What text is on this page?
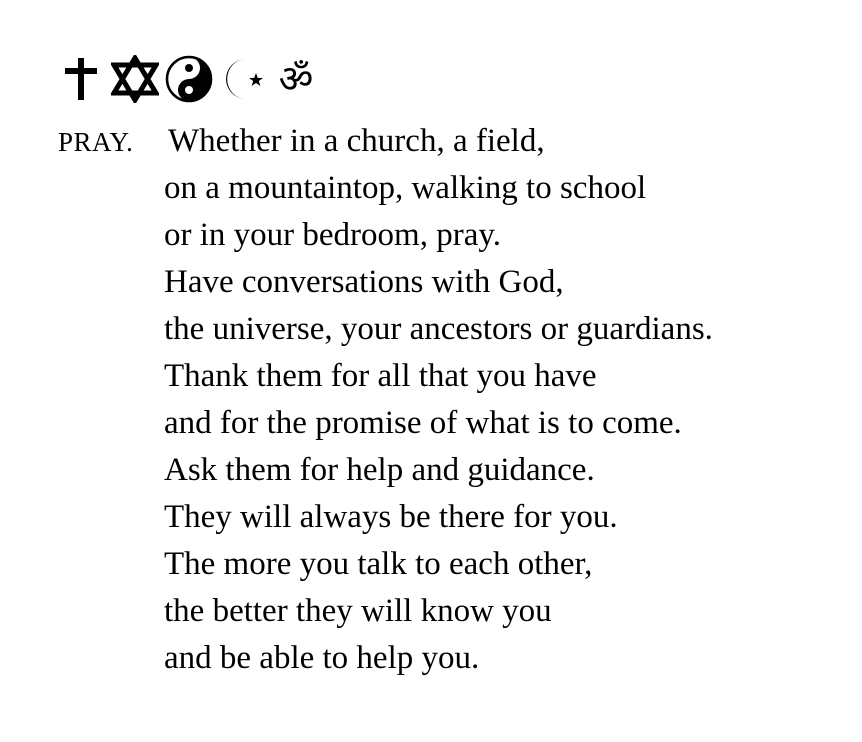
ॐ
PRAY. Whether in a church, a field,
on a mountaintop, walking to school
or in your bedroom, pray.
Have conversations with God,
the universe, your ancestors or guardians.
Thank them for all that you have
and for the promise of what is to come.
Ask them for help and guidance.
They will always be there for you.
The more you talk to each other,
the better they will know you
and be able to help you.
